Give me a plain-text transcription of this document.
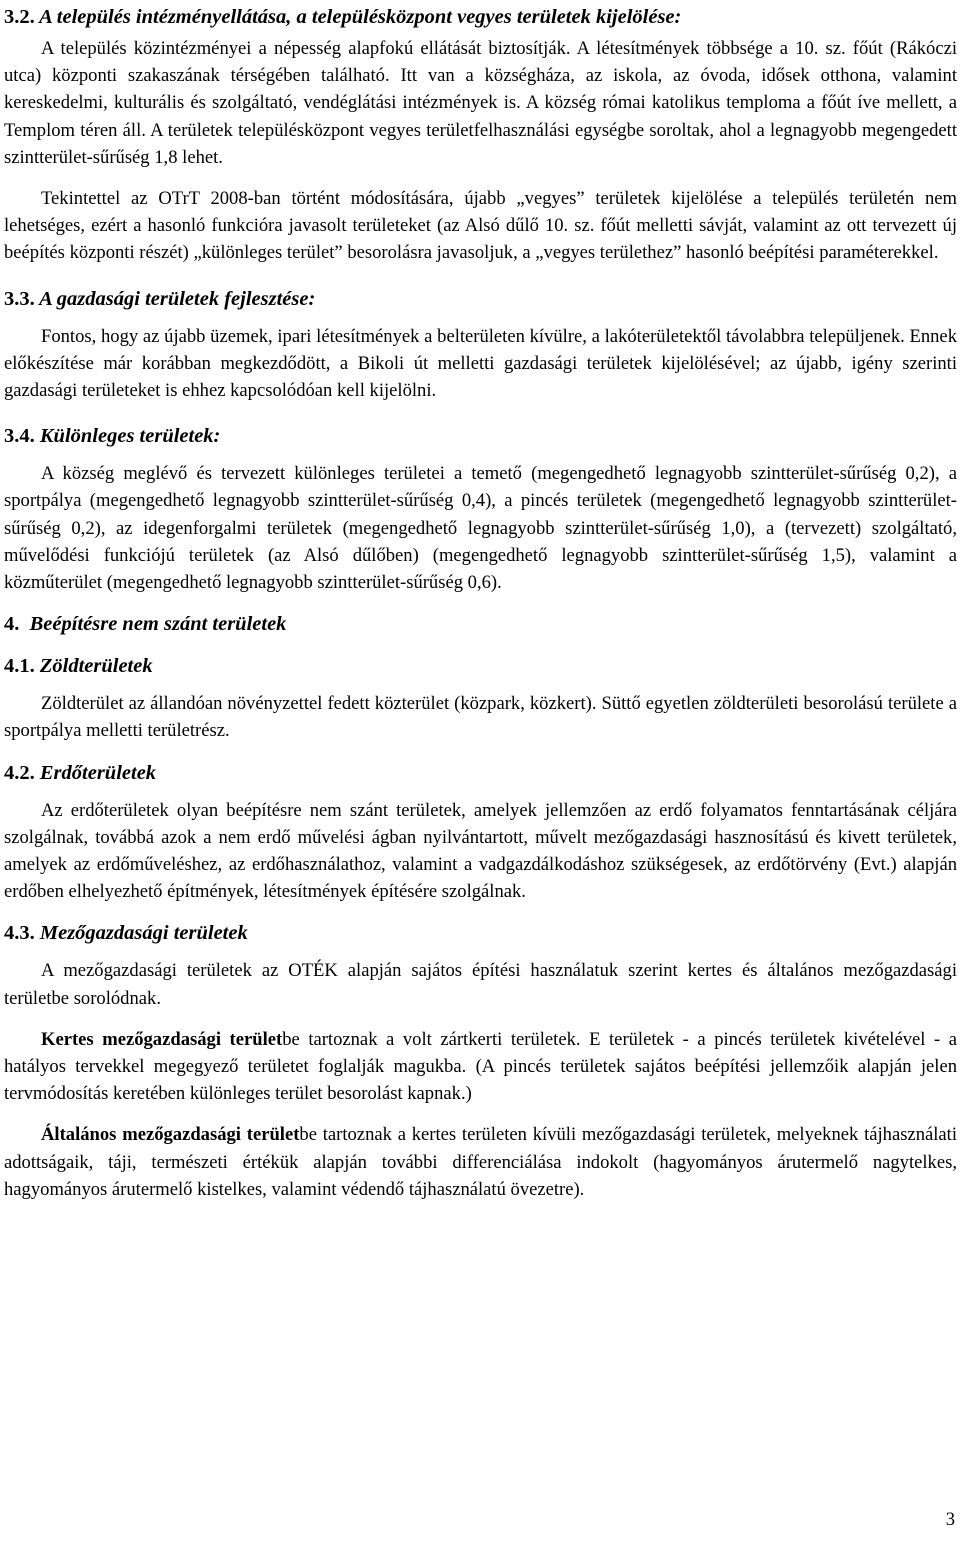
3.2. A település intézményellátása, a településközpont vegyes területek kijelölése:

A település közintézményei a népesség alapfokú ellátását biztosítják. A létesítmények többsége a 10. sz. főút (Rákóczi utca) központi szakaszának térségében található. Itt van a községháza, az iskola, az óvoda, idősek otthona, valamint kereskedelmi, kulturális és szolgáltató, vendéglátási intézmények is. A község római katolikus temploma a főút íve mellett, a Templom téren áll. A területek településközpont vegyes területfelhasználási egységbe soroltak, ahol a legnagyobb megengedett szintterület-sűrűség 1,8 lehet.

Tekintettel az OTrT 2008-ban történt módosítására, újabb „vegyes” területek kijelölése a település területén nem lehetséges, ezért a hasonló funkcióra javasolt területeket (az Alsó dűlő 10. sz. főút melletti sávját, valamint az ott tervezett új beépítés központi részét) „különleges terület” besorolásra javasoljuk, a „vegyes területhez” hasonló beépítési paraméterekkel.

3.3. A gazdasági területek fejlesztése:

Fontos, hogy az újabb üzemek, ipari létesítmények a belterületen kívülre, a lakóterületektől távolabbra települjenek. Ennek előkészítése már korábban megkezdődött, a Bikoli út melletti gazdasági területek kijelölésével; az újabb, igény szerinti gazdasági területeket is ehhez kapcsolódóan kell kijelölni.

3.4. Különleges területek:

A község meglévő és tervezett különleges területei a temető (megengedhető legnagyobb szintterület-sűrűség 0,2), a sportpálya (megengedhető legnagyobb szintterület-sűrűség 0,4), a pincés területek (megengedhető legnagyobb szintterület-sűrűség 0,2), az idegenforgalmi területek (megengedhető legnagyobb szintterület-sűrűség 1,0), a (tervezett) szolgáltató, művelődési funkciójú területek (az Alsó dűlőben) (megengedhető legnagyobb szintterület-sűrűség 1,5), valamint a közműterület (megengedhető legnagyobb szintterület-sűrűség 0,6).

4. Beépítésre nem szánt területek
4.1. Zöldterületek

Zöldterület az állandóan növényzettel fedett közterület (közpark, közkert). Süttő egyetlen zöldterületi besorolású területe a sportpálya melletti területrész.

4.2. Erdőterületek

Az erdőterületek olyan beépítésre nem szánt területek, amelyek jellemzően az erdő folyamatos fenntartásának céljára szolgálnak, továbbá azok a nem erdő művelési ágban nyilvántartott, művelt mezőgazdasági hasznosítású és kivett területek, amelyek az erdőműveléshez, az erdőhasználathoz, valamint a vadgazdálkodáshoz szükségesek, az erdőtörvény (Evt.) alapján erdőben elhelyezhető építmények, létesítmények építésére szolgálnak.

4.3. Mezőgazdasági területek

A mezőgazdasági területek az OTÉK alapján sajátos építési használatuk szerint kertes és általános mezőgazdasági területbe sorolódnak.

Kertes mezőgazdasági területbe tartoznak a volt zártkerti területek. E területek - a pincés területek kivételével - a hatályos tervekkel megegyező területet foglalják magukba. (A pincés területek sajátos beépítési jellemzőik alapján jelen tervmódosítás keretében különleges terület besorolást kapnak.)

Általános mezőgazdasági területbe tartoznak a kertes területen kívüli mezőgazdasági területek, melyeknek tájhasználati adottságaik, táji, természeti értékük alapján további differenciálása indokolt (hagyományos árutermelő nagytelkes, hagyományos árutermelő kistelkes, valamint védendő tájhasználatú övezetre).

3
